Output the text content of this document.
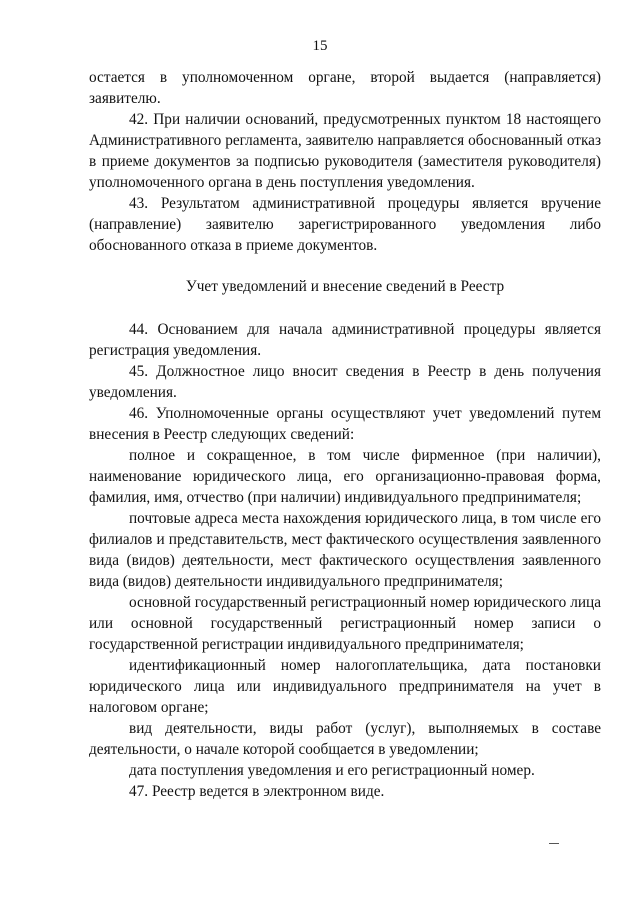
15

остается в уполномоченном органе, второй выдается (направляется) заявителю.

42. При наличии оснований, предусмотренных пунктом 18 настоящего Административного регламента, заявителю направляется обоснованный отказ в приеме документов за подписью руководителя (заместителя руководителя) уполномоченного органа в день поступления уведомления.

43. Результатом административной процедуры является вручение (направление) заявителю зарегистрированного уведомления либо обоснованного отказа в приеме документов.

Учет уведомлений и внесение сведений в Реестр

44. Основанием для начала административной процедуры является регистрация уведомления.

45. Должностное лицо вносит сведения в Реестр в день получения уведомления.

46. Уполномоченные органы осуществляют учет уведомлений путем внесения в Реестр следующих сведений:

полное и сокращенное, в том числе фирменное (при наличии), наименование юридического лица, его организационно-правовая форма, фамилия, имя, отчество (при наличии) индивидуального предпринимателя;

почтовые адреса места нахождения юридического лица, в том числе его филиалов и представительств, мест фактического осуществления заявленного вида (видов) деятельности, мест фактического осуществления заявленного вида (видов) деятельности индивидуального предпринимателя;

основной государственный регистрационный номер юридического лица или основной государственный регистрационный номер записи о государственной регистрации индивидуального предпринимателя;

идентификационный номер налогоплательщика, дата постановки юридического лица или индивидуального предпринимателя на учет в налоговом органе;

вид деятельности, виды работ (услуг), выполняемых в составе деятельности, о начале которой сообщается в уведомлении;

дата поступления уведомления и его регистрационный номер.

47. Реестр ведется в электронном виде.
